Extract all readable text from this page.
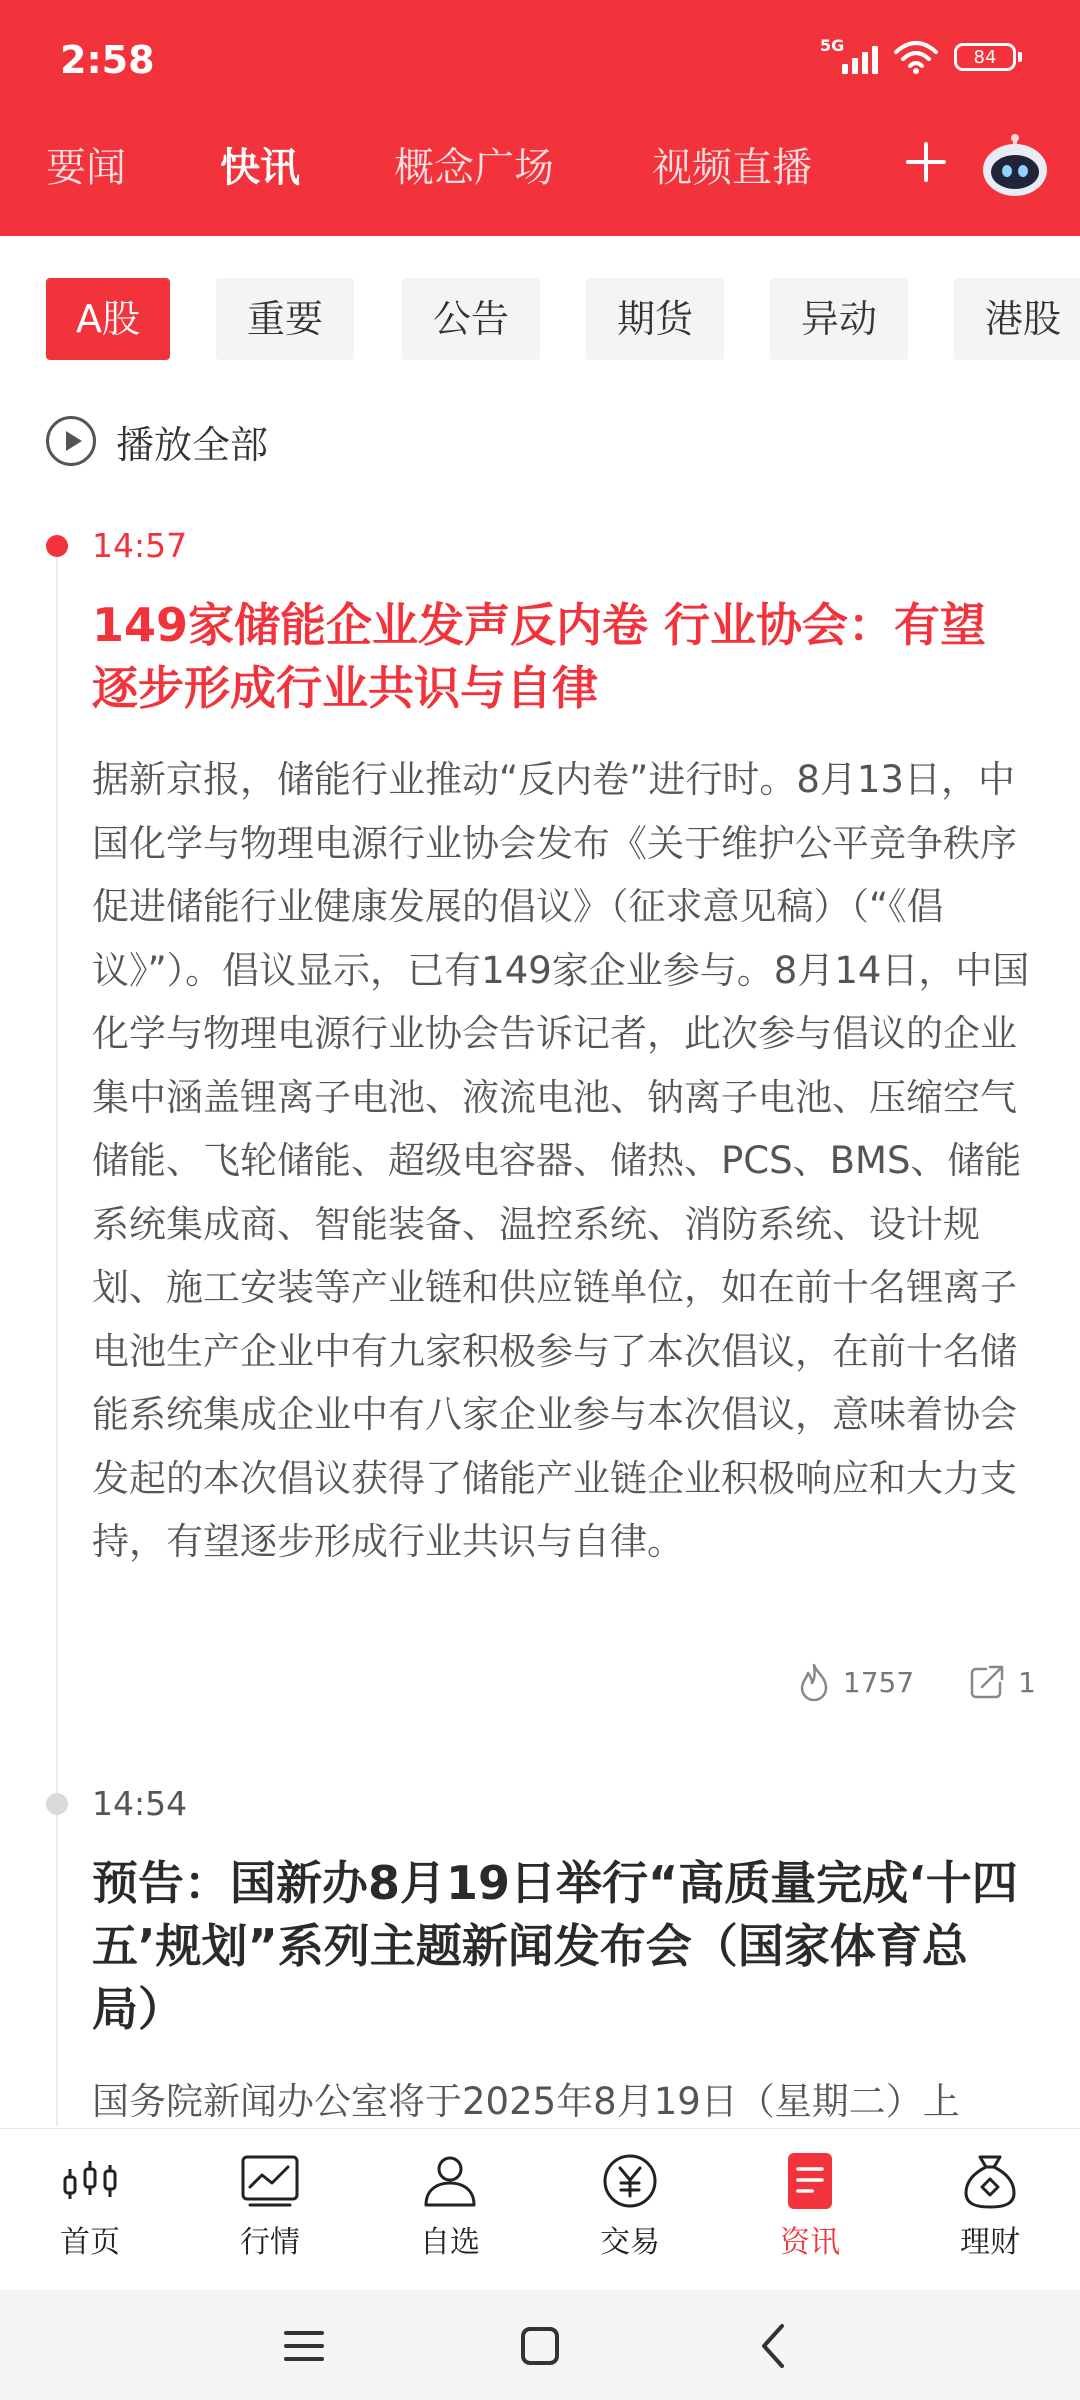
2:58	5G
84
要闻 快讯 概念广场 视频直播
A股	重要	公告	期货	异动	港股
播放全部
14:57
149家储能企业发声反内卷 行业协会：有望逐步形成行业共识与自律

据新京报，储能行业推动“反内卷”进行时。8月13日，中国化学与物理电源行业协会发布《关于维护公平竞争秩序促进储能行业健康发展的倡议》（征求意见稿）（“《倡议》”）。倡议显示，已有149家企业参与。8月14日，中国化学与物理电源行业协会告诉记者，此次参与倡议的企业集中涵盖锂离子电池、液流电池、钠离子电池、压缩空气储能、飞轮储能、超级电容器、储热、PCS、BMS、储能系统集成商、智能装备、温控系统、消防系统、设计规划、施工安装等产业链和供应链单位，如在前十名锂离子电池生产企业中有九家积极参与了本次倡议，在前十名储能系统集成企业中有八家企业参与本次倡议，意味着协会发起的本次倡议获得了储能产业链企业积极响应和大力支持，有望逐步形成行业共识与自律。

1757	1
14:54
预告：国新办8月19日举行“高质量完成‘十四五’规划”系列主题新闻发布会（国家体育总局）

国务院新闻办公室将于2025年8月19日（星期二）上

首页	行情	自选	交易	资讯	理财
